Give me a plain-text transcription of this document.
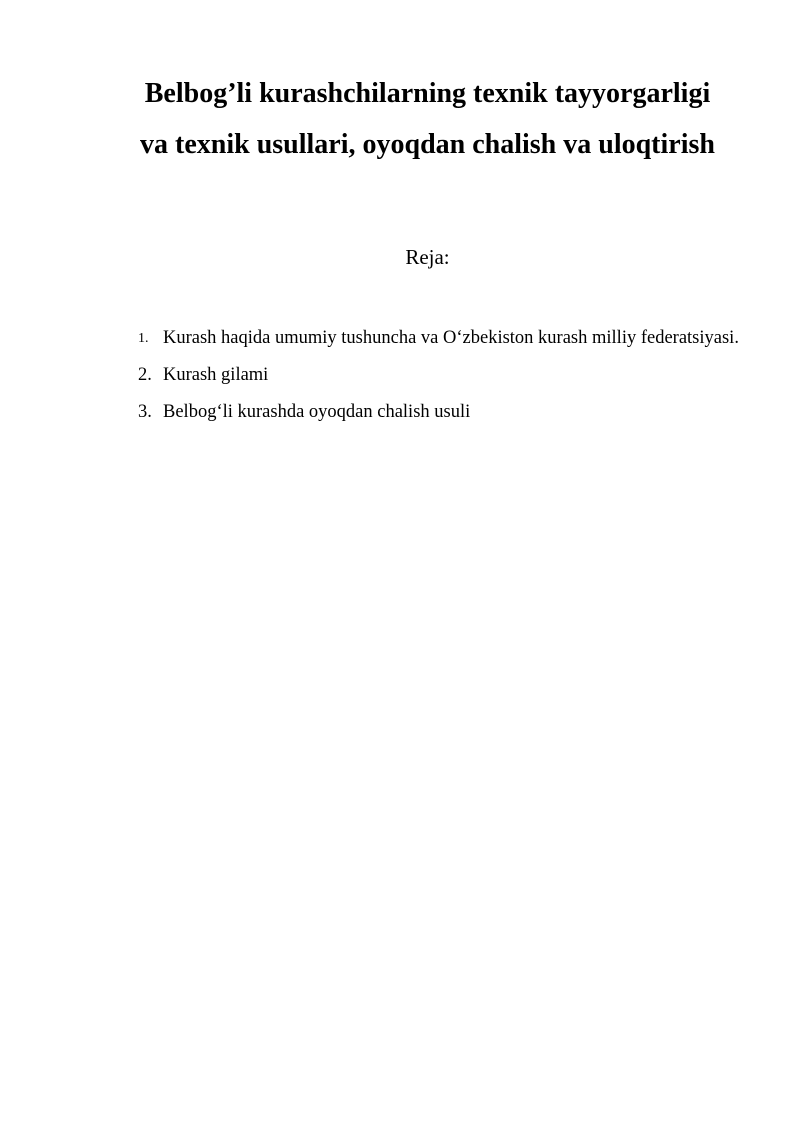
Belbog’li kurashchilarning texnik tayyorgarligi
va texnik usullari, oyoqdan chalish va uloqtirish
Reja:
1. Kurash haqida umumiy tushuncha va O‘zbekiston kurash milliy federatsiyasi.
2. Kurash gilami
3. Belbog‘li kurashda oyoqdan chalish usuli
